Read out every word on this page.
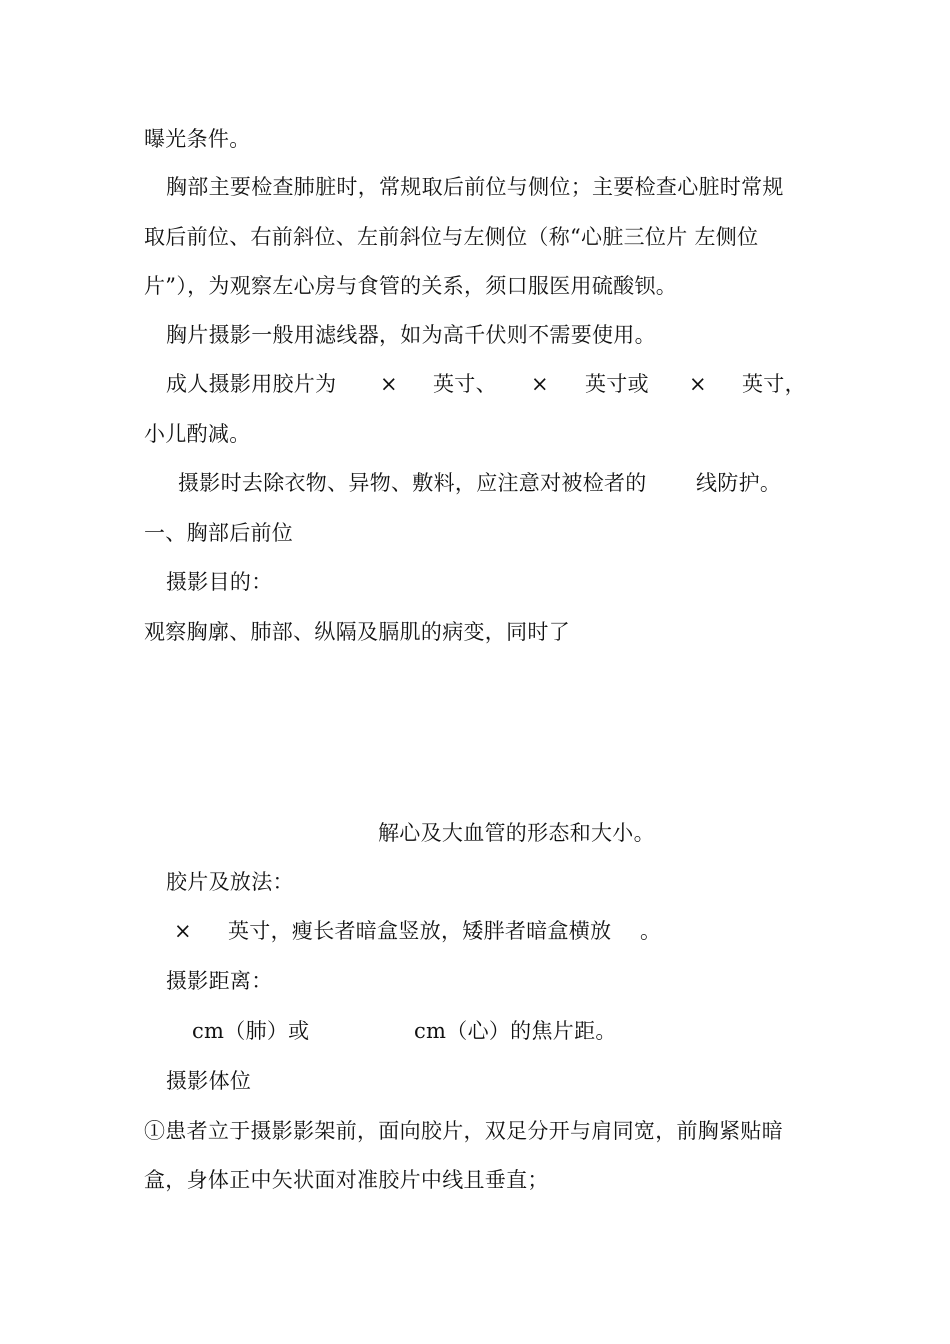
曝光条件。
胸部主要检查肺脏时，常规取后前位与侧位；主要检查心脏时常规
取后前位、右前斜位、左前斜位与左侧位（称“心脏三位片 左侧位
片”），为观察左心房与食管的关系，须口服医用硫酸钡。
胸片摄影一般用滤线器，如为高千伏则不需要使用。
成人摄影用胶片为 × 英寸、 × 英寸或 × 英寸，
小儿酌减。
摄影时去除衣物、异物、敷料，应注意对被检者的 线防护。
一、胸部后前位
摄影目的：
观察胸廓、肺部、纵隔及膈肌的病变，同时了
解心及大血管的形态和大小。
胶片及放法：
× 英寸，瘦长者暗盒竖放，矮胖者暗盒横放 。
摄影距离：
cm（肺）或	cm（心）的焦片距。
摄影体位
①患者立于摄影影架前，面向胶片，双足分开与肩同宽，前胸紧贴暗
盒，身体正中矢状面对准胶片中线且垂直；
